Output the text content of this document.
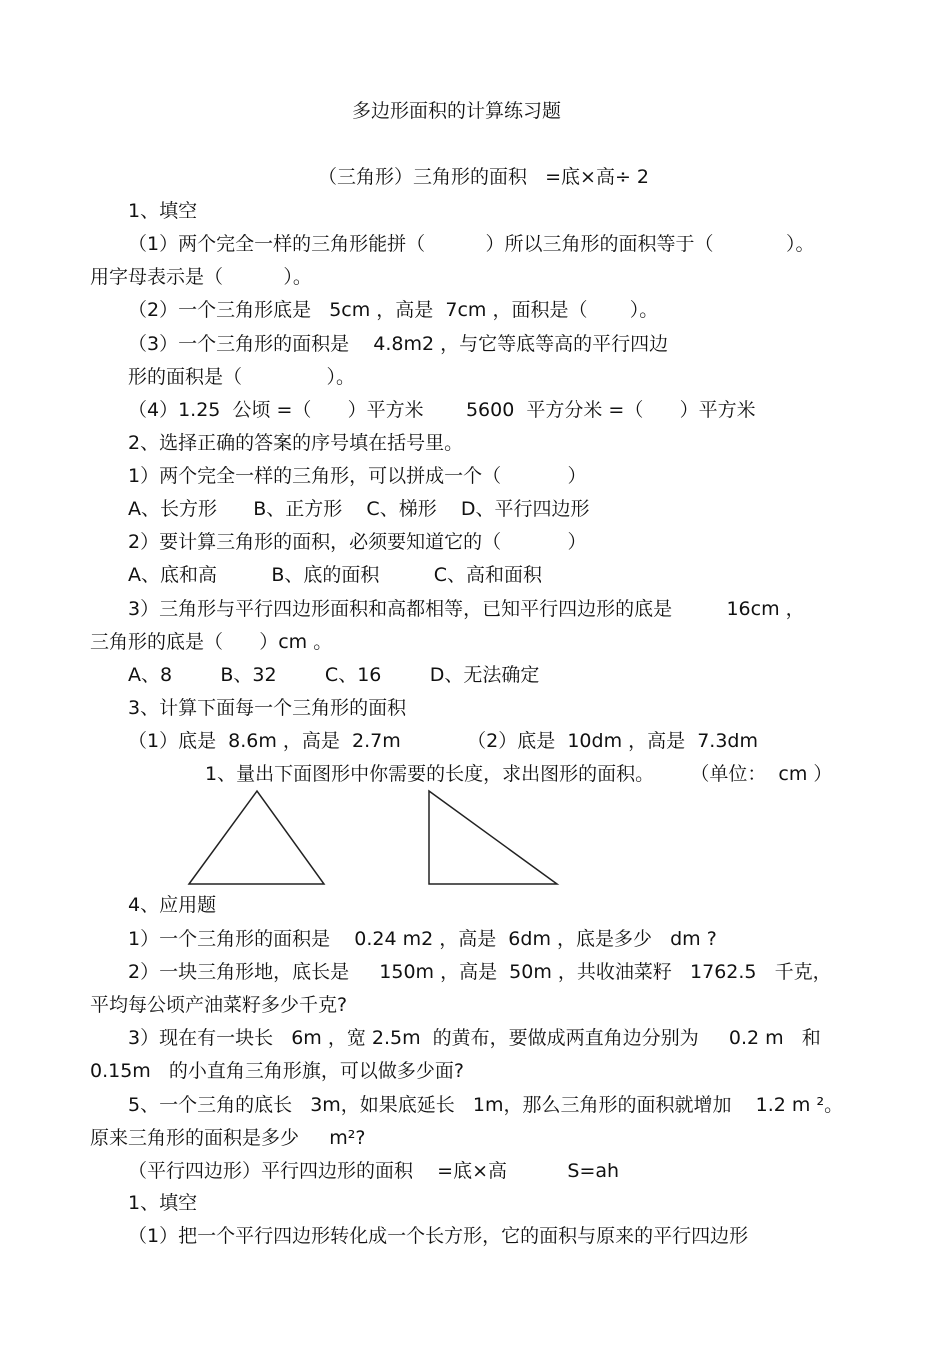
多边形面积的计算练习题
（三角形）三角形的面积   =底×高÷ 2
1、填空
（1）两个完全一样的三角形能拼（          ）所以三角形的面积等于（            ）。
用字母表示是（          ）。
（2）一个三角形底是   5cm ，高是  7cm ，面积是（       ）。
（3）一个三角形的面积是    4.8m2 ，与它等底等高的平行四边
形的面积是（              ）。
（4）1.25  公顷 =（      ）平方米       5600  平方分米 =（      ）平方米
2、选择正确的答案的序号填在括号里。
1）两个完全一样的三角形，可以拼成一个（           ）
A、长方形      B、正方形    C、梯形    D、平行四边形
2）要计算三角形的面积，必须要知道它的（           ）
A、底和高         B、底的面积         C、高和面积
3）三角形与平行四边形面积和高都相等，已知平行四边形的底是         16cm ，
三角形的底是（      ）cm 。
A、8        B、32        C、16        D、无法确定
3、计算下面每一个三角形的面积
（1）底是  8.6m ，高是  2.7m           （2）底是  10dm ，高是  7.3dm
1、量出下面图形中你需要的长度，求出图形的面积。      （单位：  cm ）
4、应用题
1）一个三角形的面积是    0.24 m2 ，高是  6dm ，底是多少   dm ?
2）一块三角形地，底长是     150m ，高是  50m ，共收油菜籽   1762.5   千克，
平均每公顷产油菜籽多少千克?
3）现在有一块长   6m ，宽 2.5m  的黄布，要做成两直角边分别为     0.2 m   和
0.15m   的小直角三角形旗，可以做多少面?
5、一个三角的底长   3m，如果底延长   1m，那么三角形的面积就增加    1.2 m ²。
原来三角形的面积是多少     m²?
（平行四边形）平行四边形的面积    =底×高          S=ah
1、填空
（1）把一个平行四边形转化成一个长方形，它的面积与原来的平行四边形
